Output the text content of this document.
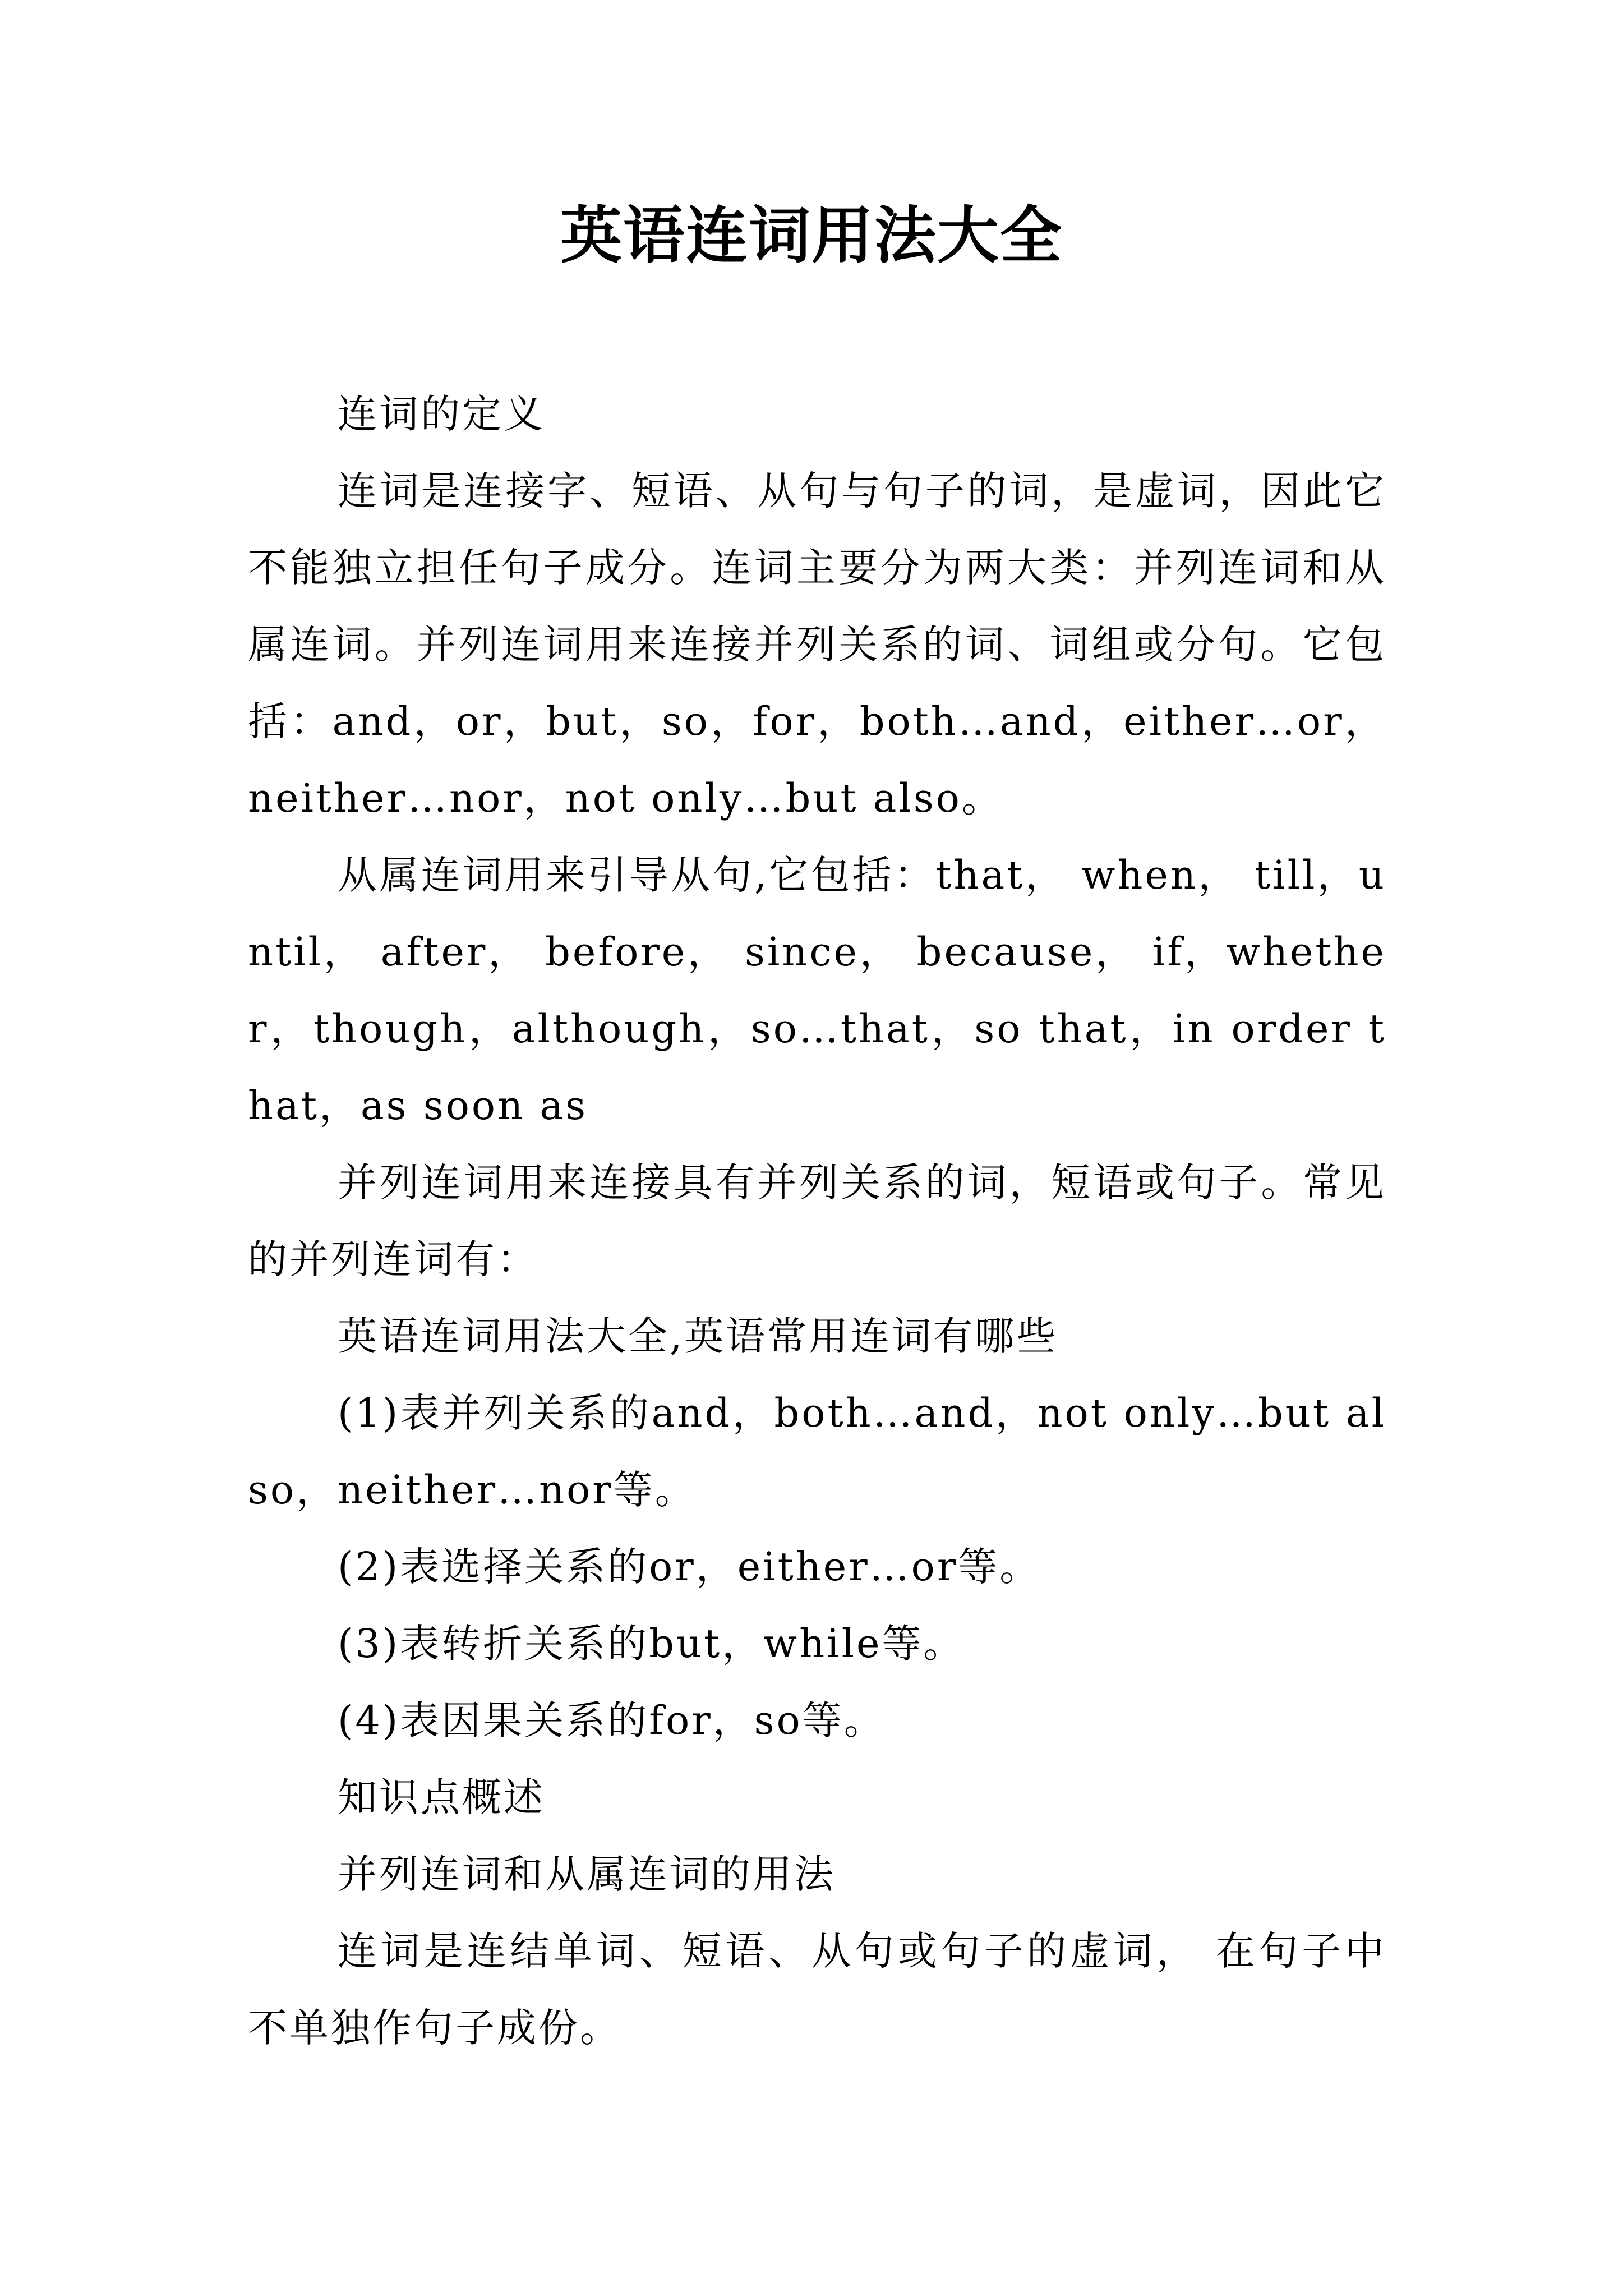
英语连词用法大全

连词的定义

连词是连接字、短语、从句与句子的词，是虚词，因此它不能独立担任句子成分。连词主要分为两大类：并列连词和从属连词。并列连词用来连接并列关系的词、词组或分句。它包括：and，or，but，so，for，both…and，either…or，neither…nor，not only…but also。

从属连词用来引导从句,它包括：that， when， till，until， after， before， since， because， if，whether，though，although，so…that，so that，in order that，as soon as

并列连词用来连接具有并列关系的词，短语或句子。常见的并列连词有：

英语连词用法大全,英语常用连词有哪些

(1)表并列关系的and，both…and，not only…but also，neither…nor等。

(2)表选择关系的or，either…or等。

(3)表转折关系的but，while等。

(4)表因果关系的for，so等。

知识点概述

并列连词和从属连词的用法

连词是连结单词、短语、从句或句子的虚词， 在句子中不单独作句子成份。
